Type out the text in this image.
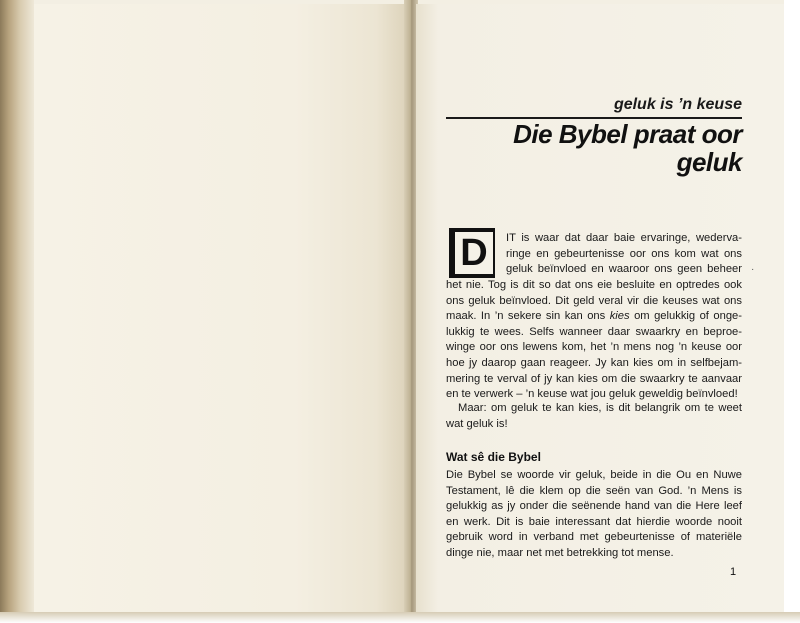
geluk is ’n keuse
Die Bybel praat oor geluk
D	IT is waar dat daar baie ervaringe, wederva-
ringe en gebeurtenisse oor ons kom wat ons
geluk beïnvloed en waaroor ons geen beheer
het nie. Tog is dit so dat ons eie besluite en optredes ook
ons geluk beïnvloed. Dit geld veral vir die keuses wat ons
maak. In ’n sekere sin kan ons kies om gelukkig of onge-
lukkig te wees. Selfs wanneer daar swaarkry en beproe-
winge oor ons lewens kom, het ’n mens nog ’n keuse oor
hoe jy daarop gaan reageer. Jy kan kies om in selfbejam-
mering te verval of jy kan kies om die swaarkry te aanvaar
en te verwerk – ’n keuse wat jou geluk geweldig beïnvloed!
Maar: om geluk te kan kies, is dit belangrik om te weet
wat geluk is!
Wat sê die Bybel
Die Bybel se woorde vir geluk, beide in die Ou en Nuwe
Testament, lê die klem op die seën van God. ’n Mens is
gelukkig as jy onder die seënende hand van die Here leef
en werk. Dit is baie interessant dat hierdie woorde nooit
gebruik word in verband met gebeurtenisse of materiële
dinge nie, maar net met betrekking tot mense.
·
1
